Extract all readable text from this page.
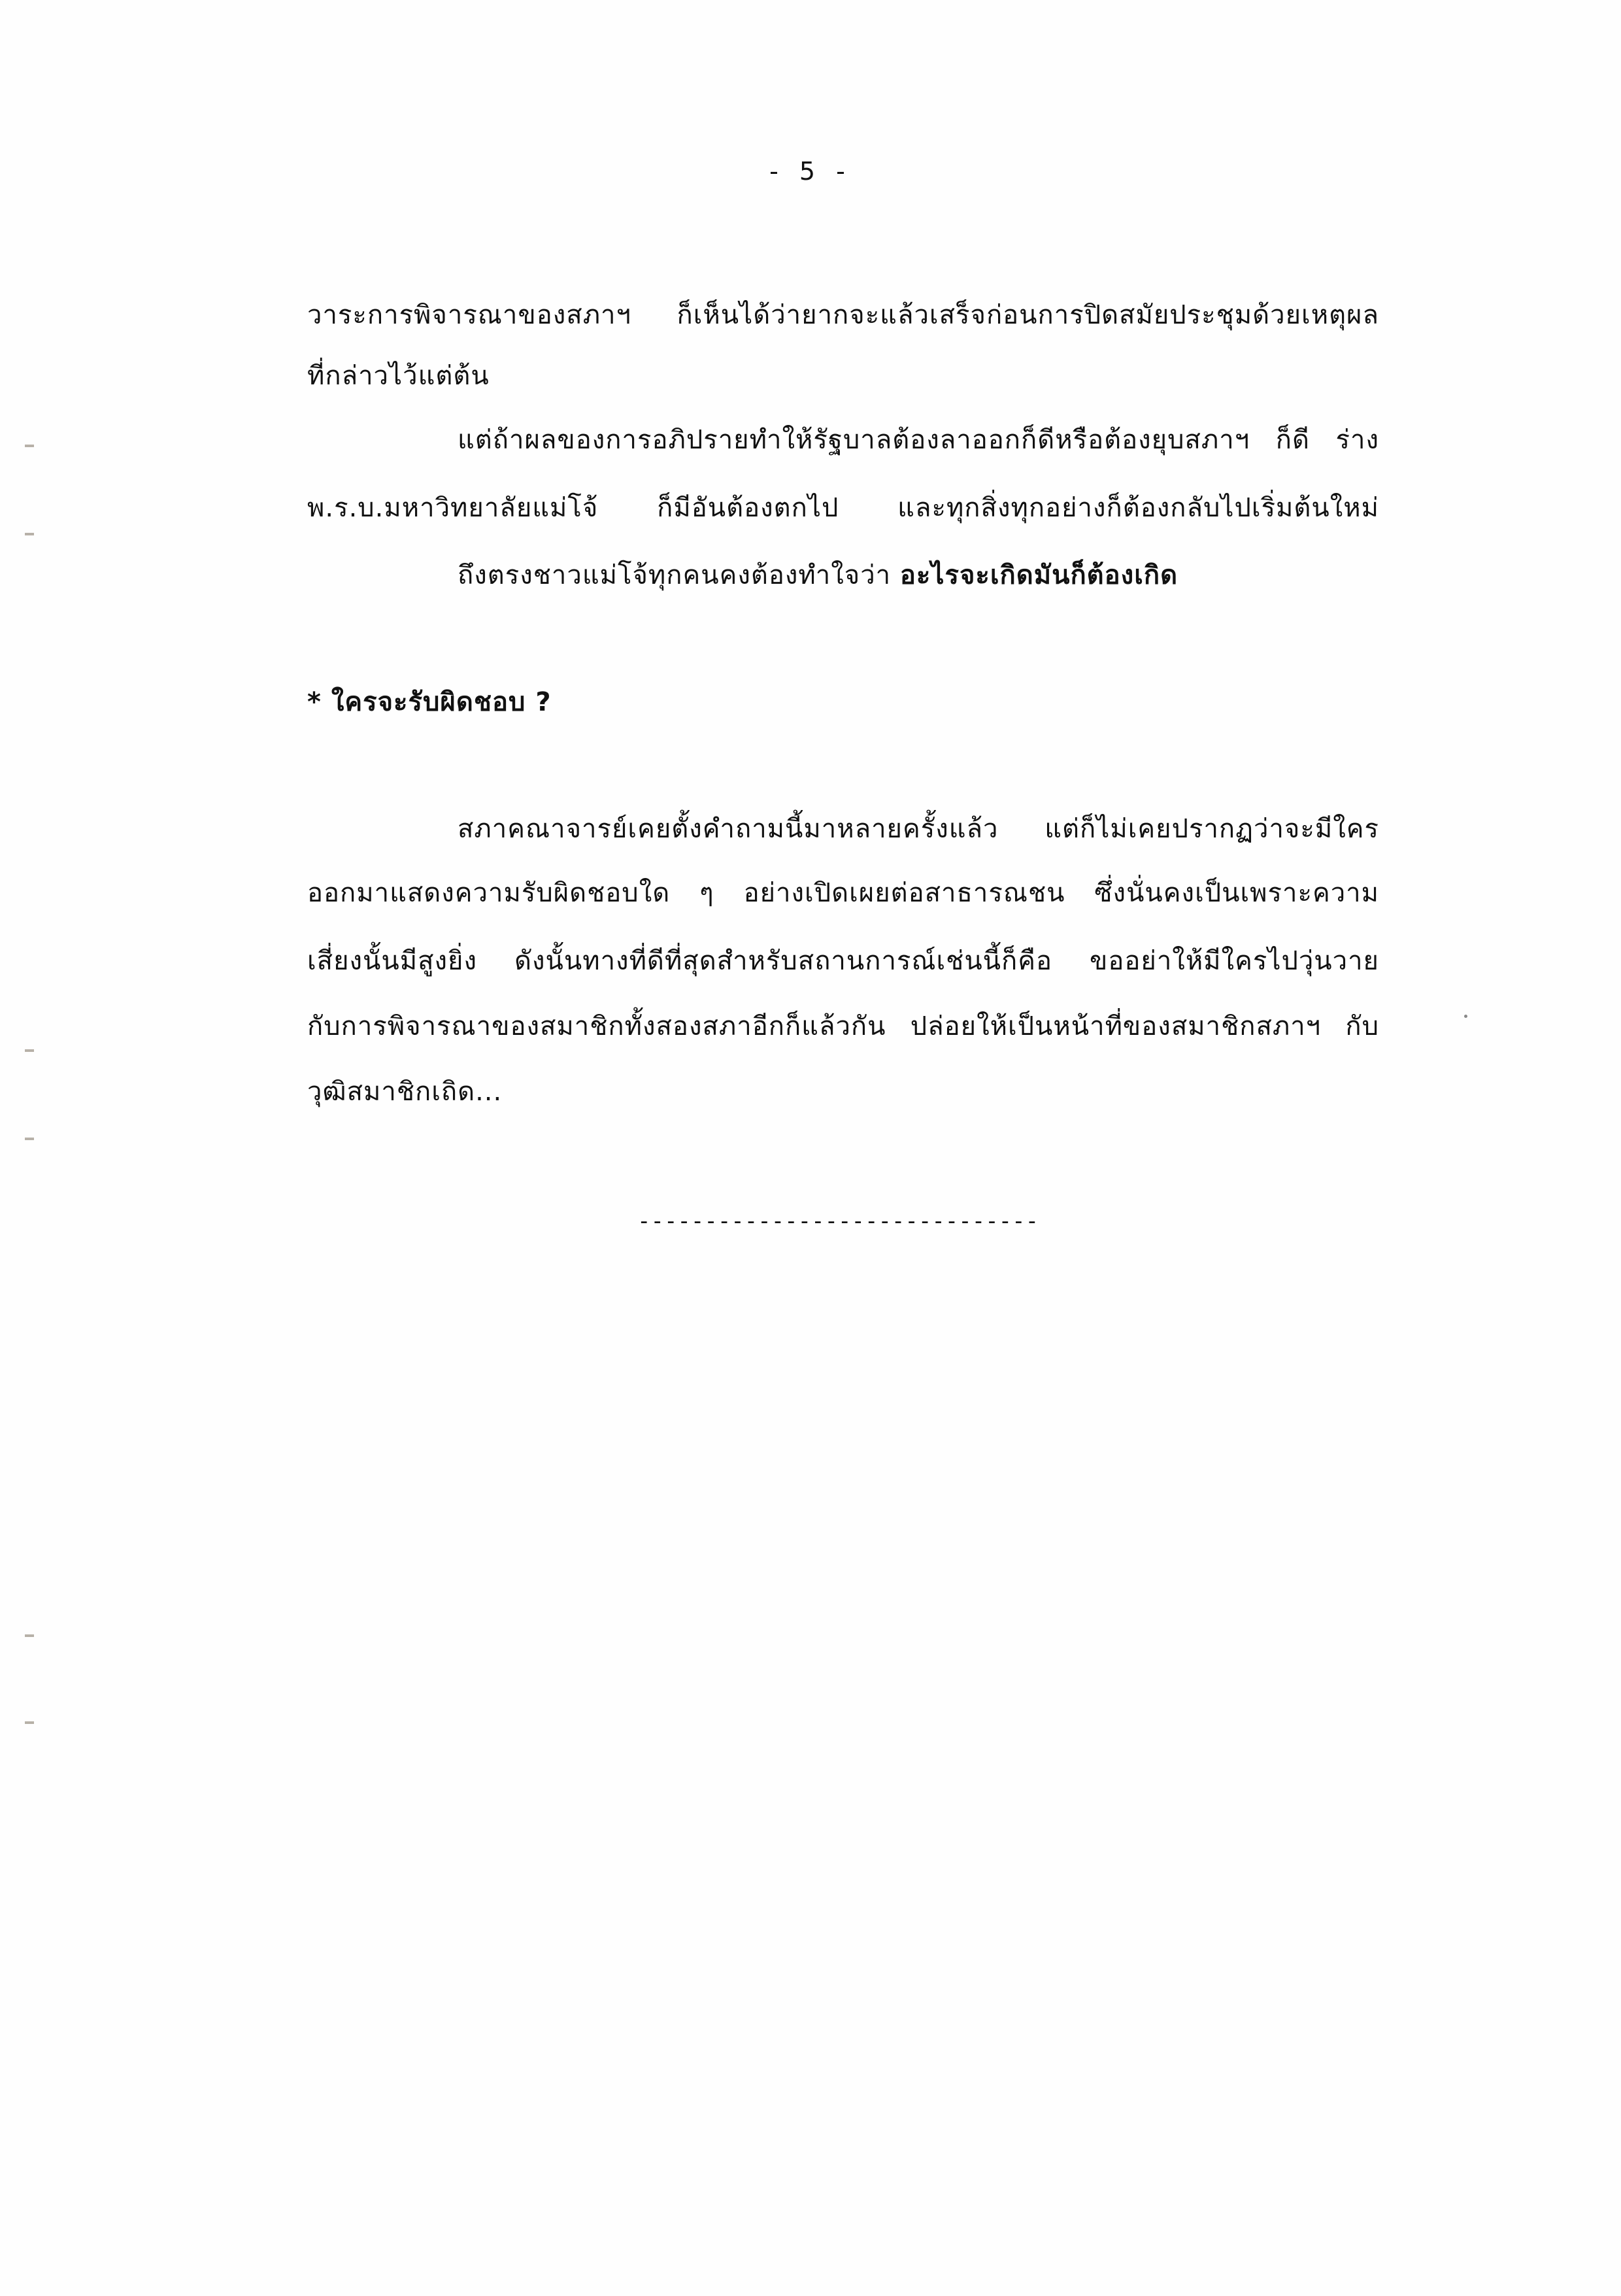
- 5 -
วาระการพิจารณาของสภาฯ ก็เห็นได้ว่ายากจะแล้วเสร็จก่อนการปิดสมัยประชุมด้วยเหตุผล
ที่กล่าวไว้แต่ต้น
แต่ถ้าผลของการอภิปรายทำให้รัฐบาลต้องลาออกก็ดีหรือต้องยุบสภาฯ ก็ดี ร่าง
พ.ร.บ.มหาวิทยาลัยแม่โจ้ ก็มีอันต้องตกไป และทุกสิ่งทุกอย่างก็ต้องกลับไปเริ่มต้นใหม่
ถึงตรงชาวแม่โจ้ทุกคนคงต้องทำใจว่า อะไรจะเกิดมันก็ต้องเกิด
* ใครจะรับผิดชอบ ?
สภาคณาจารย์เคยตั้งคำถามนี้มาหลายครั้งแล้ว แต่ก็ไม่เคยปรากฏว่าจะมีใคร
ออกมาแสดงความรับผิดชอบใด ๆ อย่างเปิดเผยต่อสาธารณชน ซึ่งนั่นคงเป็นเพราะความ
เสี่ยงนั้นมีสูงยิ่ง ดังนั้นทางที่ดีที่สุดสำหรับสถานการณ์เช่นนี้ก็คือ ขออย่าให้มีใครไปวุ่นวาย
กับการพิจารณาของสมาชิกทั้งสองสภาอีกก็แล้วกัน ปล่อยให้เป็นหน้าที่ของสมาชิกสภาฯ กับ
วุฒิสมาชิกเถิด...
------------------------------
